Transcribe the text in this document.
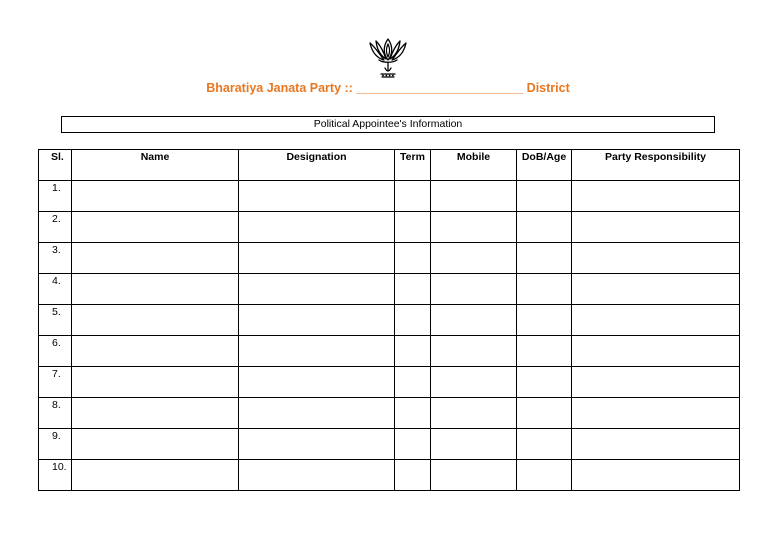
Bharatiya Janata Party :: ________________________ District
Political Appointee's Information
Sl.	Name	Designation	Term	Mobile	DoB/Age	Party Responsibility
1.						
2.						
3.						
4.						
5.						
6.						
7.						
8.						
9.						
10.						
